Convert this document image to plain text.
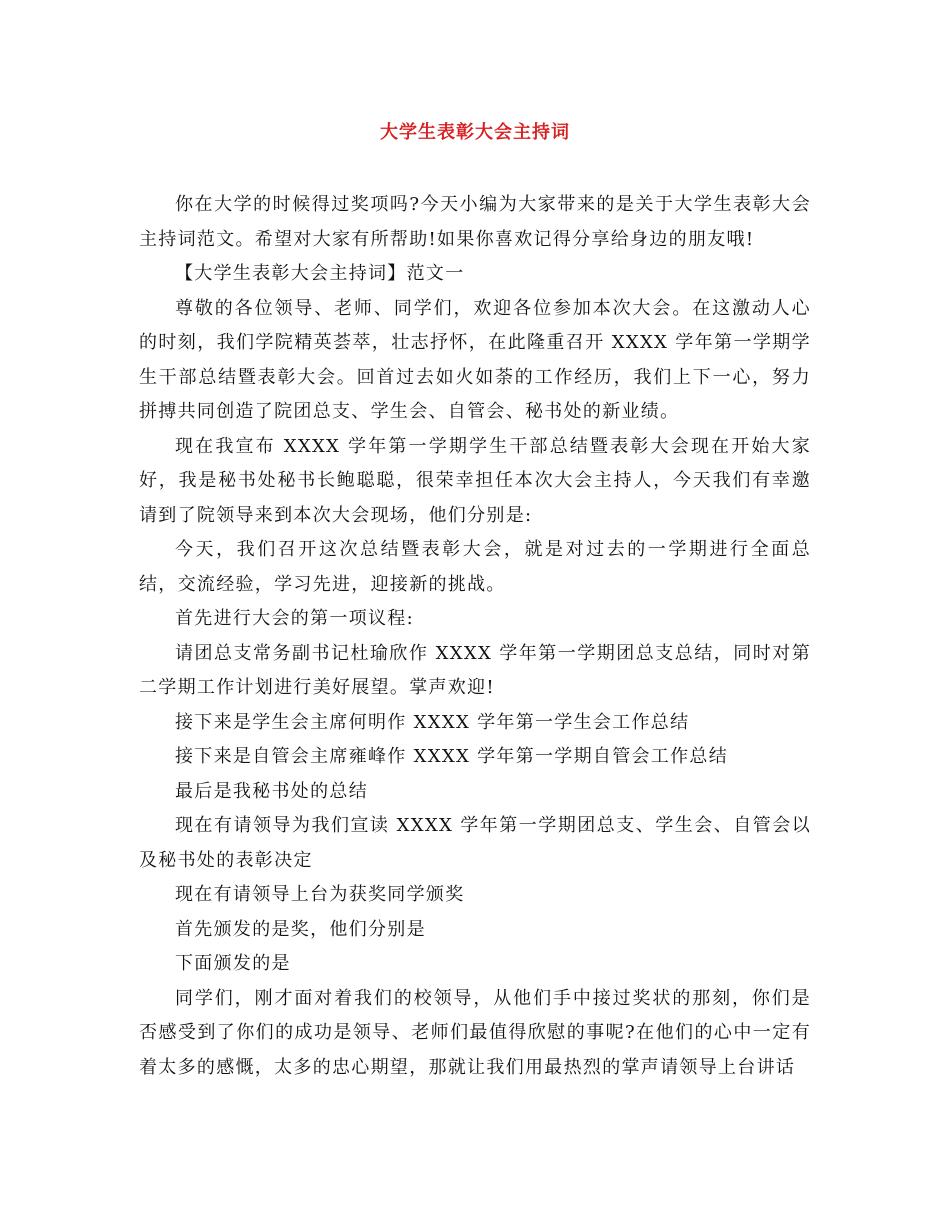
大学生表彰大会主持词

你在大学的时候得过奖项吗?今天小编为大家带来的是关于大学生表彰大会主持词范文。希望对大家有所帮助!如果你喜欢记得分享给身边的朋友哦!

【大学生表彰大会主持词】范文一

尊敬的各位领导、老师、同学们，欢迎各位参加本次大会。在这激动人心的时刻，我们学院精英荟萃，壮志抒怀，在此隆重召开 XXXX 学年第一学期学生干部总结暨表彰大会。回首过去如火如荼的工作经历，我们上下一心，努力拼搏共同创造了院团总支、学生会、自管会、秘书处的新业绩。

现在我宣布 XXXX 学年第一学期学生干部总结暨表彰大会现在开始大家好，我是秘书处秘书长鲍聪聪，很荣幸担任本次大会主持人，今天我们有幸邀请到了院领导来到本次大会现场，他们分别是:

今天，我们召开这次总结暨表彰大会，就是对过去的一学期进行全面总结，交流经验，学习先进，迎接新的挑战。

首先进行大会的第一项议程:

请团总支常务副书记杜瑜欣作 XXXX 学年第一学期团总支总结，同时对第二学期工作计划进行美好展望。掌声欢迎!

接下来是学生会主席何明作 XXXX 学年第一学生会工作总结

接下来是自管会主席雍峰作 XXXX 学年第一学期自管会工作总结

最后是我秘书处的总结

现在有请领导为我们宣读 XXXX 学年第一学期团总支、学生会、自管会以及秘书处的表彰决定

现在有请领导上台为获奖同学颁奖

首先颁发的是奖，他们分别是

下面颁发的是

同学们，刚才面对着我们的校领导，从他们手中接过奖状的那刻，你们是否感受到了你们的成功是领导、老师们最值得欣慰的事呢?在他们的心中一定有着太多的感慨，太多的忠心期望，那就让我们用最热烈的掌声请领导上台讲话
